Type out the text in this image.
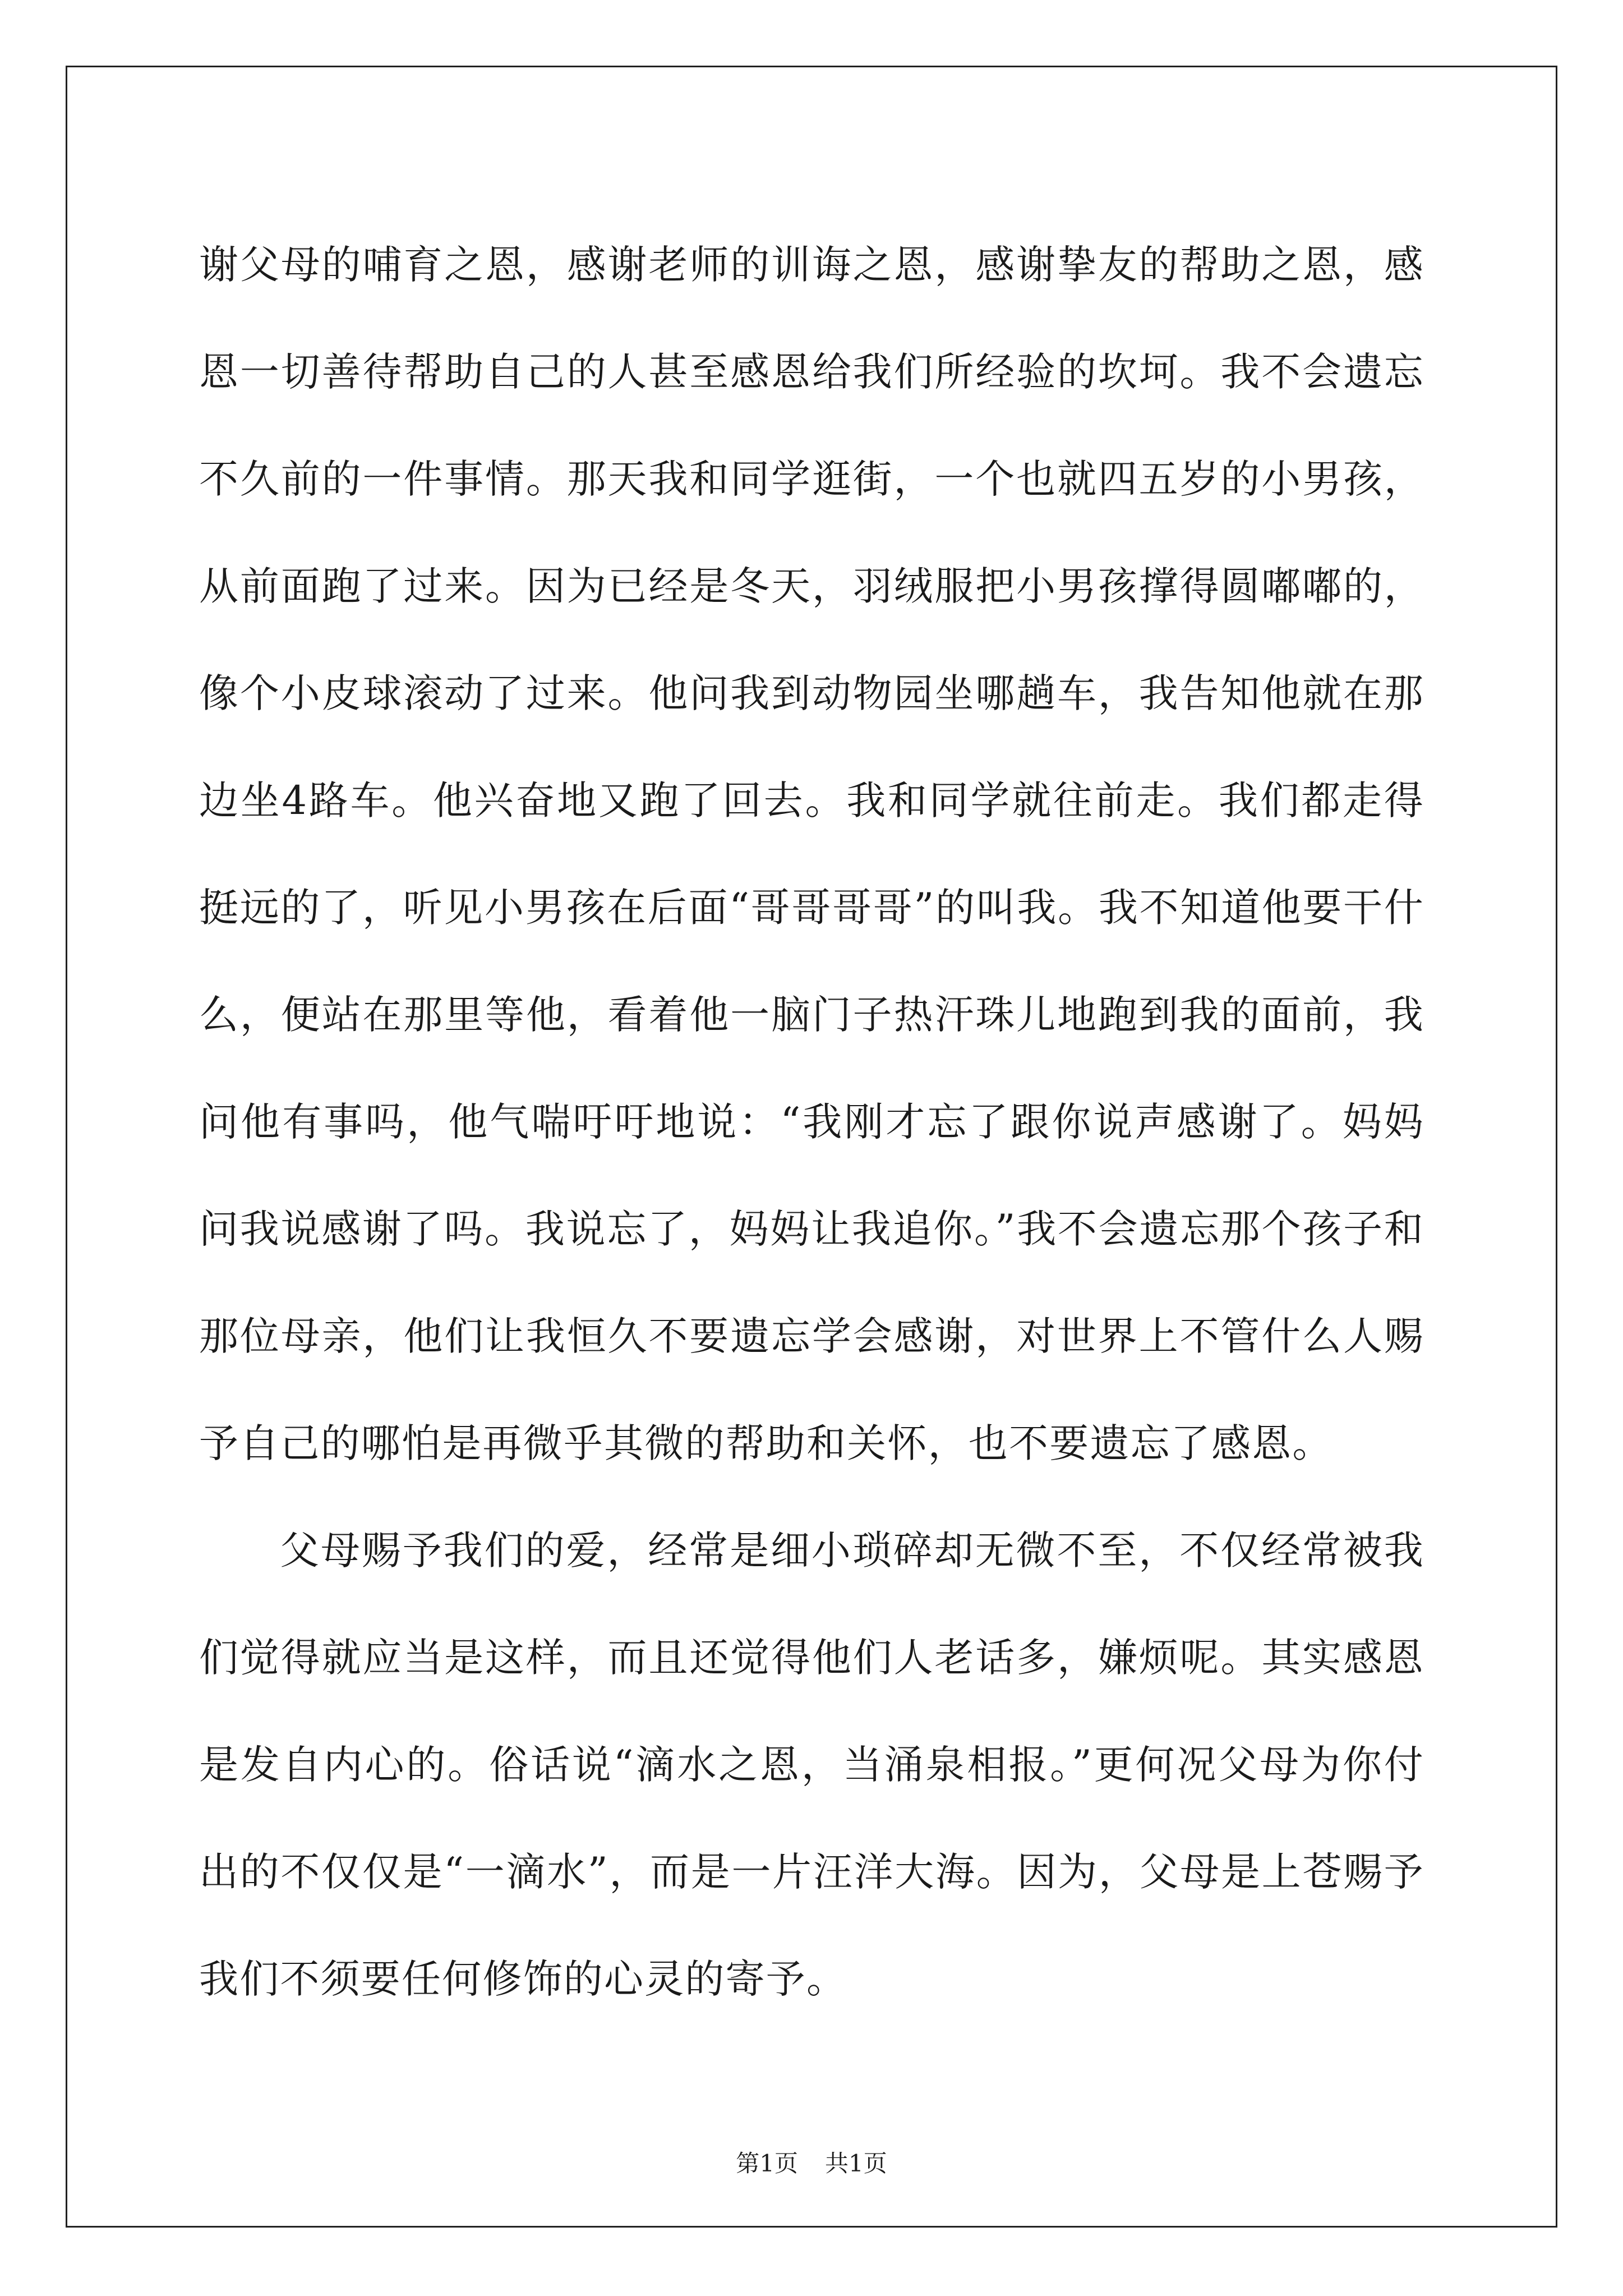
谢父母的哺育之恩，感谢老师的训诲之恩，感谢挚友的帮助之恩，感恩一切善待帮助自己的人甚至感恩给我们所经验的坎坷。我不会遗忘不久前的一件事情。那天我和同学逛街，一个也就四五岁的小男孩，从前面跑了过来。因为已经是冬天，羽绒服把小男孩撑得圆嘟嘟的，像个小皮球滚动了过来。他问我到动物园坐哪趟车，我告知他就在那边坐4路车。他兴奋地又跑了回去。我和同学就往前走。我们都走得挺远的了，听见小男孩在后面“哥哥哥哥”的叫我。我不知道他要干什么，便站在那里等他，看着他一脑门子热汗珠儿地跑到我的面前，我问他有事吗，他气喘吁吁地说：“我刚才忘了跟你说声感谢了。妈妈问我说感谢了吗。我说忘了，妈妈让我追你。”我不会遗忘那个孩子和那位母亲，他们让我恒久不要遗忘学会感谢，对世界上不管什么人赐予自己的哪怕是再微乎其微的帮助和关怀，也不要遗忘了感恩。

父母赐予我们的爱，经常是细小琐碎却无微不至，不仅经常被我们觉得就应当是这样，而且还觉得他们人老话多，嫌烦呢。其实感恩是发自内心的。俗话说“滴水之恩，当涌泉相报。”更何况父母为你付出的不仅仅是“一滴水”，而是一片汪洋大海。因为，父母是上苍赐予我们不须要任何修饰的心灵的寄予。

第1页 共1页
